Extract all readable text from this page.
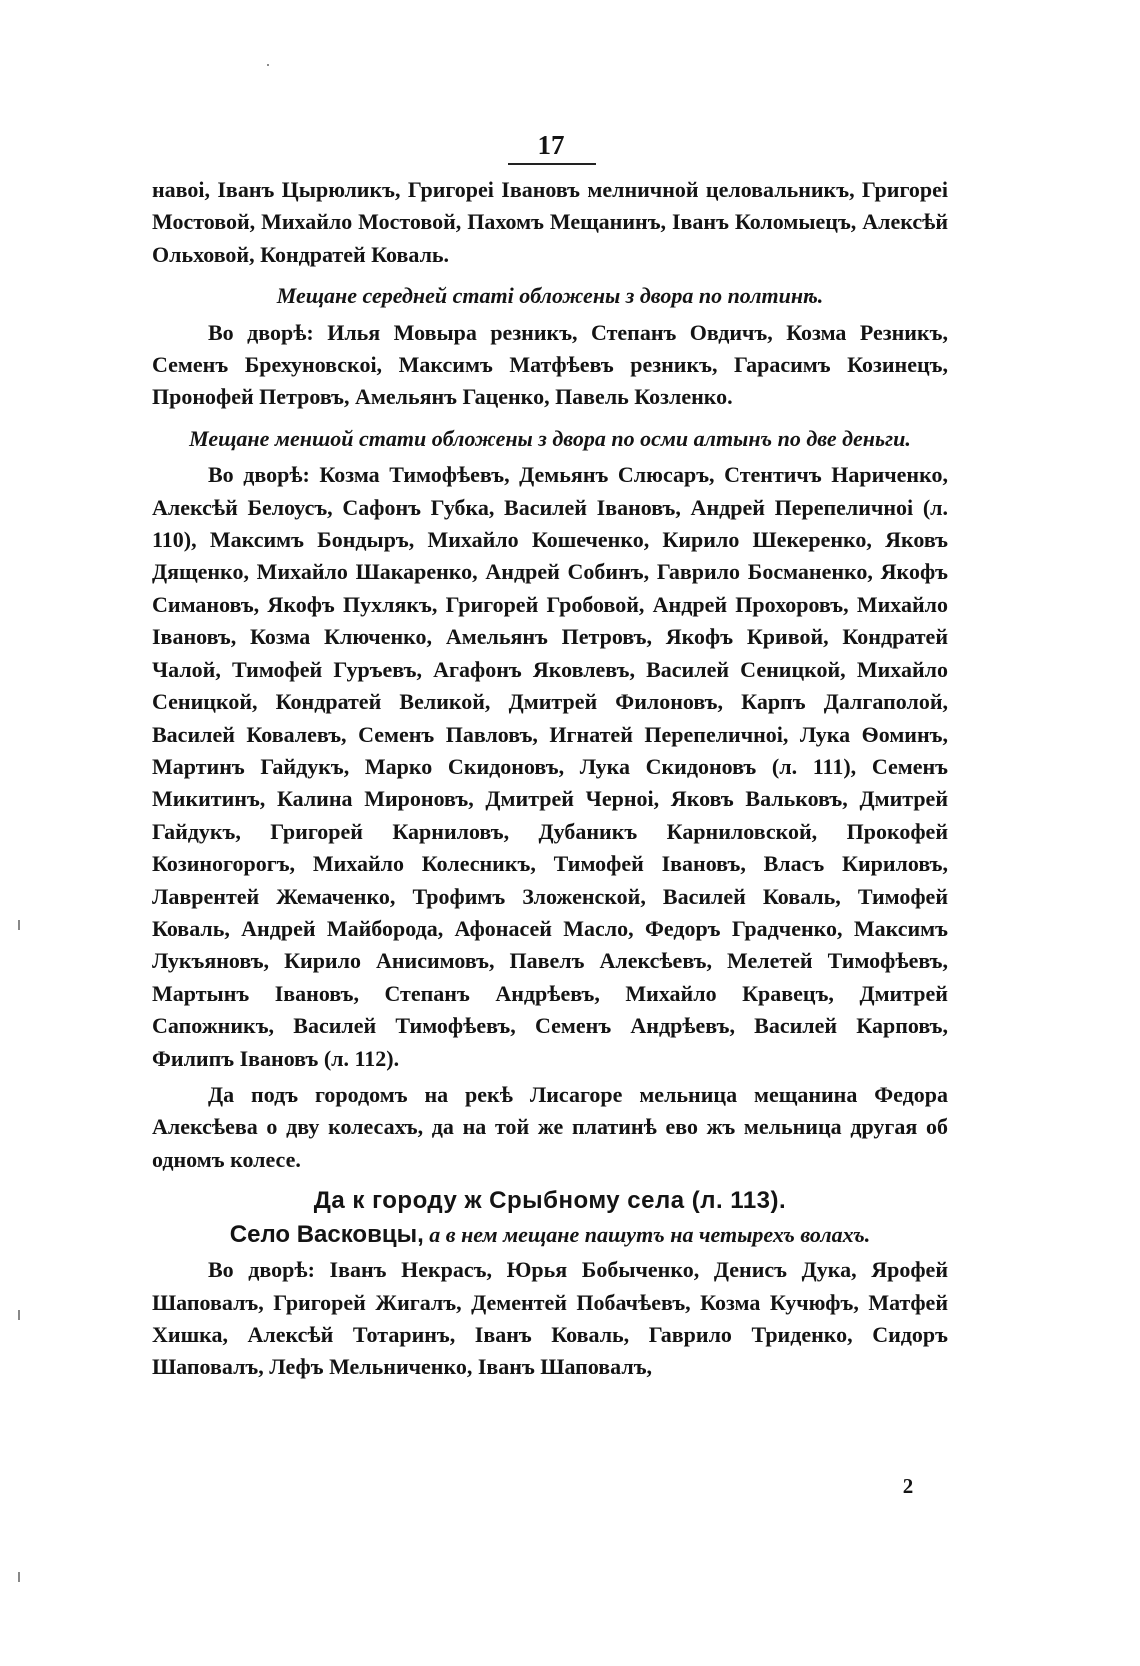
17

навоі, Іванъ Цырюликъ, Григореі Івановъ мелничной целовальникъ, Григореі Мостовой, Михайло Мостовой, Пахомъ Мещанинъ, Іванъ Коломыецъ, Алексѣй Ольховой, Кондратей Коваль.

Мещане середней статі обложены з двора по полтинѣ.

Во дворѣ: Илья Мовыра резникъ, Степанъ Овдичъ, Козма Резникъ, Семенъ Брехуновскоі, Максимъ Матфѣевъ резникъ, Гарасимъ Козинецъ, Пронофей Петровъ, Амельянъ Гаценко, Павель Козленко.

Мещане меншой стати обложены з двора по осми алтынъ по две деньги.

Во дворѣ: Козма Тимофѣевъ, Демьянъ Слюсаръ, Стентичъ Нариченко, Алексѣй Белоусъ, Сафонъ Губка, Василей Івановъ, Андрей Перепеличноі (л. 110), Максимъ Бондыръ, Михайло Кошеченко, Кирило Шекеренко, Яковъ Дященко, Михайло Шакаренко, Андрей Собинъ, Гаврило Босманенко, Якофъ Симановъ, Якофъ Пухлякъ, Григорей Гробовой, Андрей Прохоровъ, Михайло Івановъ, Козма Ключенко, Амельянъ Петровъ, Якофъ Кривой, Кондратей Чалой, Тимофей Гуръевъ, Агафонъ Яковлевъ, Василей Сеницкой, Михайло Сеницкой, Кондратей Великой, Дмитрей Филоновъ, Карпъ Далгаполой, Василей Ковалевъ, Семенъ Павловъ, Игнатей Перепеличноі, Лука Ѳоминъ, Мартинъ Гайдукъ, Марко Скидоновъ, Лука Скидоновъ (л. 111), Семенъ Микитинъ, Калина Мироновъ, Дмитрей Черноі, Яковъ Вальковъ, Дмитрей Гайдукъ, Григорей Карниловъ, Дубаникъ Карниловской, Прокофей Козиногорогъ, Михайло Колесникъ, Тимофей Івановъ, Власъ Кириловъ, Лаврентей Жемаченко, Трофимъ Зложенской, Василей Коваль, Тимофей Коваль, Андрей Майборода, Афонасей Масло, Федоръ Градченко, Максимъ Лукъяновъ, Кирило Анисимовъ, Павелъ Алексѣевъ, Мелетей Тимофѣевъ, Мартынъ Івановъ, Степанъ Андрѣевъ, Михайло Кравецъ, Дмитрей Сапожникъ, Василей Тимофѣевъ, Семенъ Андрѣевъ, Василей Карповъ, Филипъ Івановъ (л. 112).

Да подъ городомъ на рекѣ Лисагоре мельница мещанина Федора Алексѣева о дву колесахъ, да на той же платинѣ ево жъ мельница другая об одномъ колесе.

Да к городу ж Срыбному села (л. 113).

Село Васковцы, а в нем мещане пашутъ на четырехъ волахъ.

Во дворѣ: Іванъ Некрасъ, Юрья Бобыченко, Денисъ Дука, Ярофей Шаповалъ, Григорей Жигалъ, Дементей Побачѣевъ, Козма Кучюфъ, Матфей Хишка, Алексѣй Тотаринъ, Іванъ Коваль, Гаврило Триденко, Сидоръ Шаповалъ, Лефъ Мельниченко, Іванъ Шаповалъ,

2
